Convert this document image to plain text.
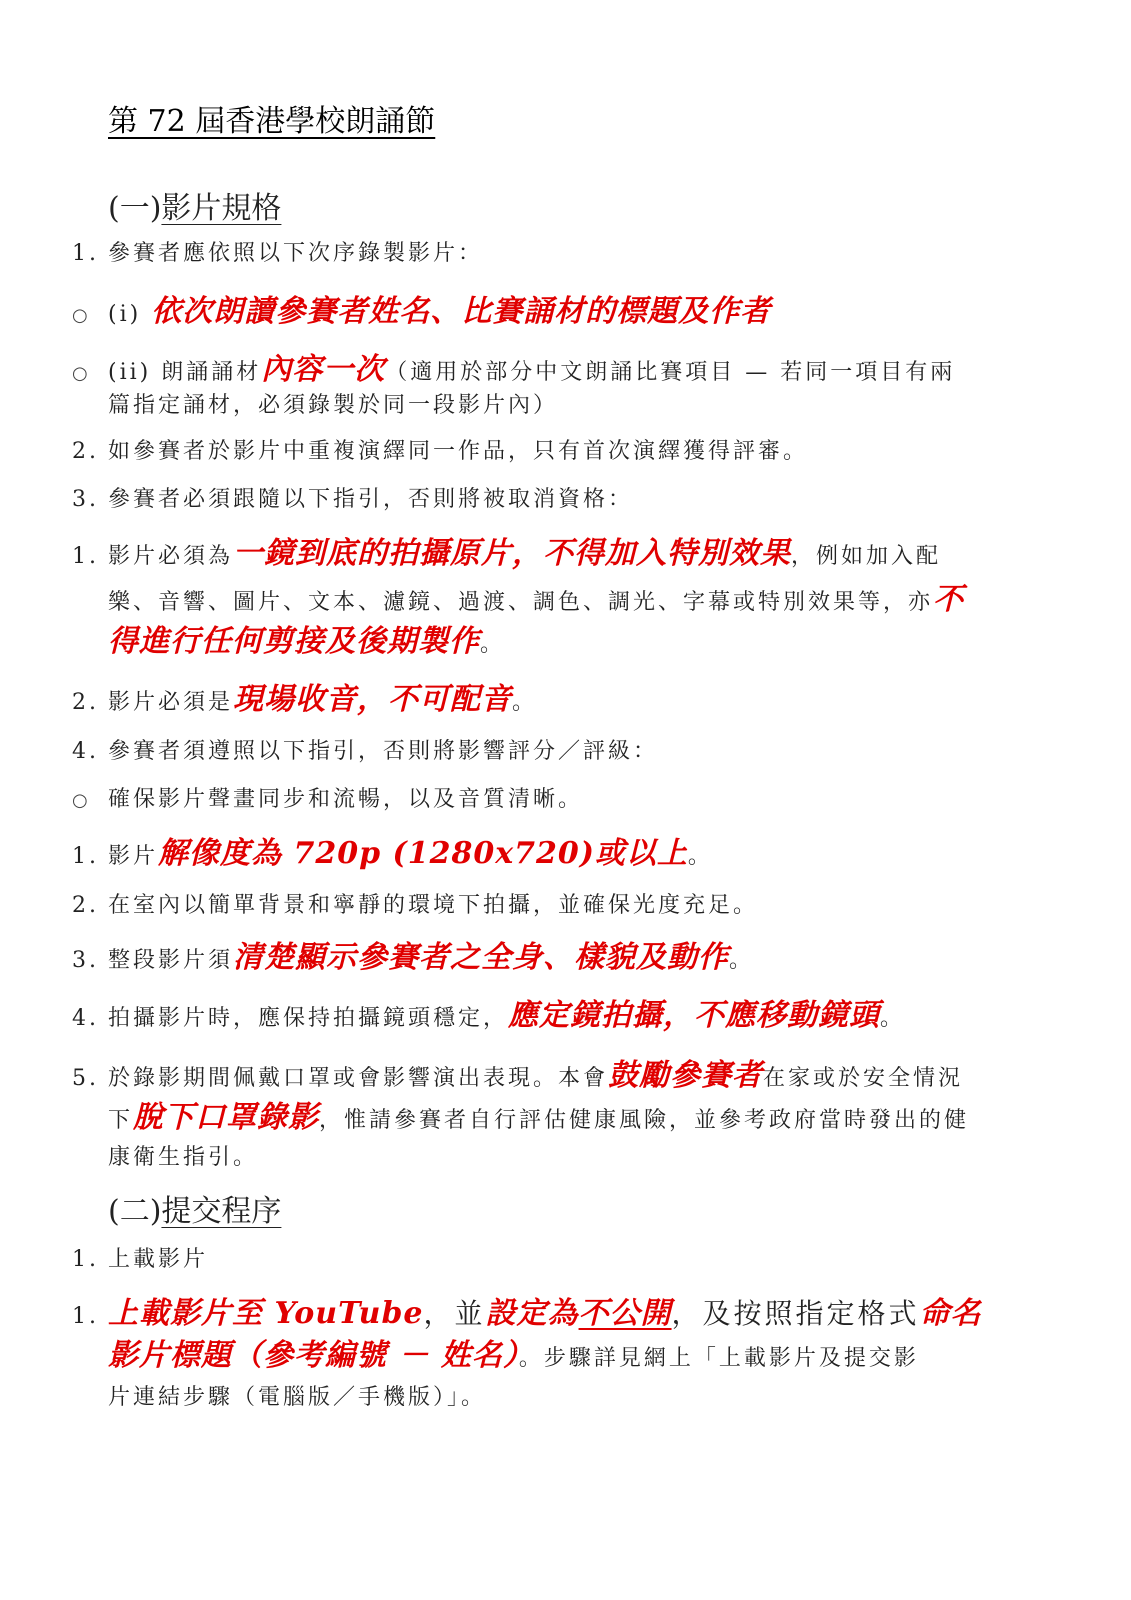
第 72 屆香港學校朗誦節
(一)影片規格
1. 參賽者應依照以下次序錄製影片：
○ (i) 依次朗讀參賽者姓名、比賽誦材的標題及作者
○ (ii) 朗誦誦材內容一次（適用於部分中文朗誦比賽項目 — 若同一項目有兩
篇指定誦材，必須錄製於同一段影片內）
2. 如參賽者於影片中重複演繹同一作品，只有首次演繹獲得評審。
3. 參賽者必須跟隨以下指引，否則將被取消資格：
1. 影片必須為一鏡到底的拍攝原片，不得加入特別效果，例如加入配
樂、音響、圖片、文本、濾鏡、過渡、調色、調光、字幕或特別效果等，亦不
得進行任何剪接及後期製作。
2. 影片必須是現場收音，不可配音。
4. 參賽者須遵照以下指引，否則將影響評分／評級：
○ 確保影片聲畫同步和流暢，以及音質清晰。
1. 影片解像度為 720p (1280x720)或以上。
2. 在室內以簡單背景和寧靜的環境下拍攝，並確保光度充足。
3. 整段影片須清楚顯示參賽者之全身、樣貌及動作。
4. 拍攝影片時，應保持拍攝鏡頭穩定，應定鏡拍攝，不應移動鏡頭。
5. 於錄影期間佩戴口罩或會影響演出表現。本會鼓勵參賽者在家或於安全情況
下脫下口罩錄影，惟請參賽者自行評估健康風險，並參考政府當時發出的健
康衛生指引。
(二)提交程序
1. 上載影片
1. 上載影片至 YouTube，並設定為不公開，及按照指定格式命名
影片標題（參考編號 － 姓名）。步驟詳見網上「上載影片及提交影
片連結步驟（電腦版／手機版）」。
